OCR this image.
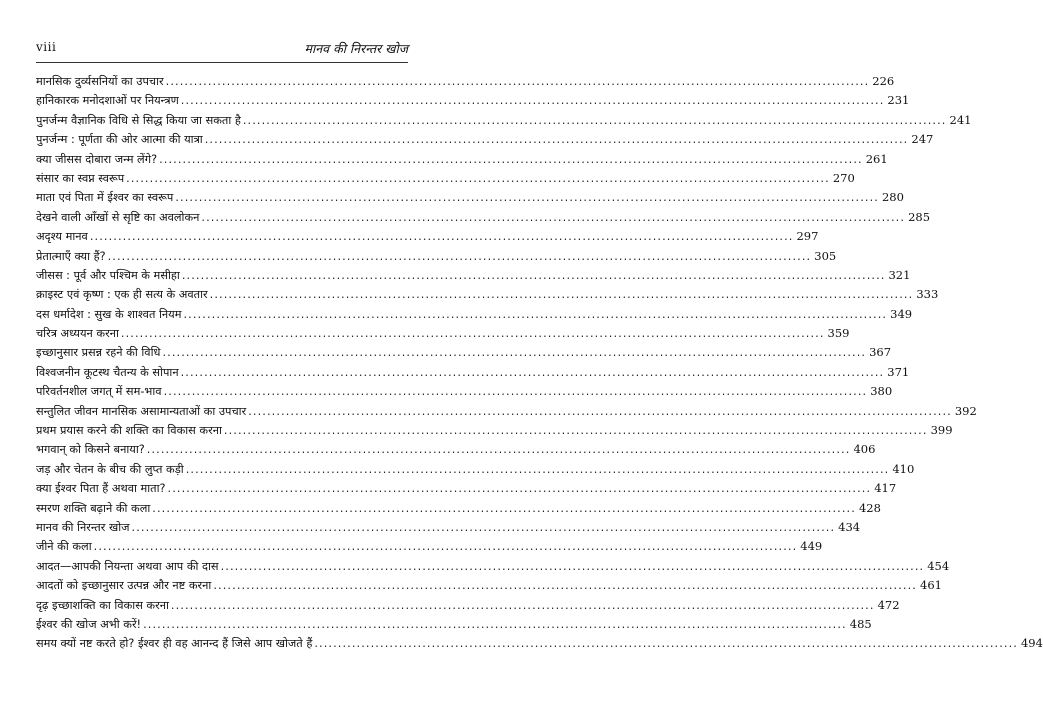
viii	मानव की निरन्तर खोज
मानसिक दुर्व्यसनियों का उपचार .....	226
हानिकारक मनोदशाओं पर नियन्त्रण .....	231
पुनर्जन्म वैज्ञानिक विधि से सिद्ध किया जा सकता है .....	241
पुनर्जन्म : पूर्णता की ओर आत्मा की यात्रा .....	247
क्या जीसस दोबारा जन्म लेंगे? .....	261
संसार का स्वप्न स्वरूप .....	270
माता एवं पिता में ईश्वर का स्वरूप .....	280
देखने वाली आँखों से सृष्टि का अवलोकन .....	285
अदृश्य मानव .....	297
प्रेतात्माएँ क्या हैं? .....	305
जीसस : पूर्व और पश्चिम के मसीहा .....	321
क्राइस्ट एवं कृष्ण : एक ही सत्य के अवतार .....	333
दस धर्मादेश : सुख के शाश्वत नियम .....	349
चरित्र अध्ययन करना .....	359
इच्छानुसार प्रसन्न रहने की विधि .....	367
विश्वजनीन कूटस्थ चैतन्य के सोपान .....	371
परिवर्तनशील जगत् में सम-भाव .....	380
सन्तुलित जीवन मानसिक असामान्यताओं का उपचार .....	392
प्रथम प्रयास करने की शक्ति का विकास करना .....	399
भगवान् को किसने बनाया? .....	406
जड़ और चेतन के बीच की लुप्त कड़ी .....	410
क्या ईश्वर पिता हैं अथवा माता? .....	417
स्मरण शक्ति बढ़ाने की कला .....	428
मानव की निरन्तर खोज .....	434
जीने की कला .....	449
आदत—आपकी नियन्ता अथवा आप की दास .....	454
आदतों को इच्छानुसार उत्पन्न और नष्ट करना .....	461
दृढ़ इच्छाशक्ति का विकास करना .....	472
ईश्वर की खोज अभी करें! .....	485
समय क्यों नष्ट करते हो? ईश्वर ही वह आनन्द हैं जिसे आप खोजते हैं .....	494
